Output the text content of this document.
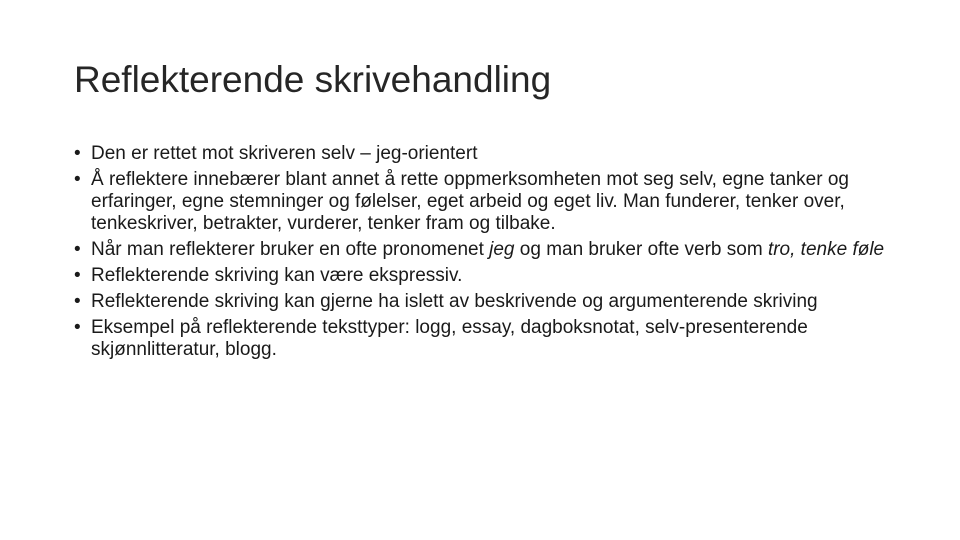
Reflekterende skrivehandling
• Den er rettet mot skriveren selv – jeg-orientert
• Å reflektere innebærer blant annet å rette oppmerksomheten mot seg selv, egne tanker og erfaringer, egne stemninger og følelser, eget arbeid og eget liv. Man funderer, tenker over, tenkeskriver, betrakter, vurderer, tenker fram og tilbake.
• Når man reflekterer bruker en ofte pronomenet jeg og man bruker ofte verb som tro, tenke føle
• Reflekterende skriving kan være ekspressiv.
• Reflekterende skriving kan gjerne ha islett av beskrivende og argumenterende skriving
• Eksempel på reflekterende teksttyper: logg, essay, dagboksnotat, selv-presenterende skjønnlitteratur, blogg.
